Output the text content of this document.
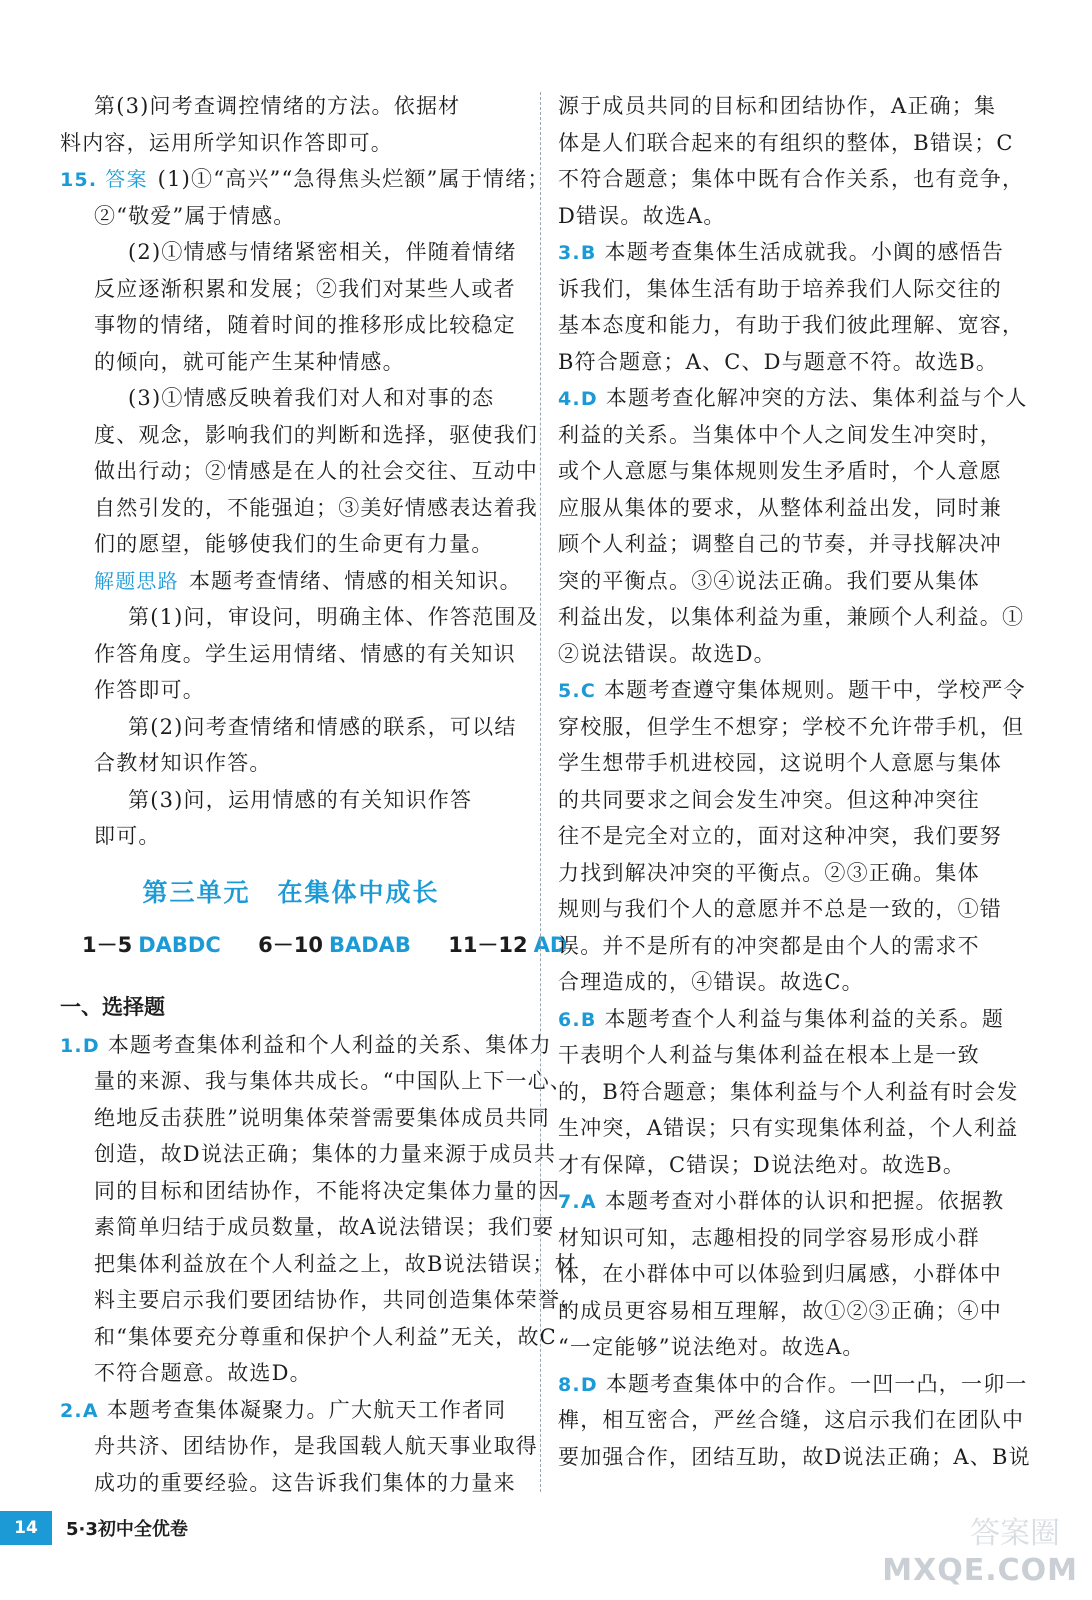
第(3)问考查调控情绪的方法。依据材
料内容，运用所学知识作答即可。
15. 答案 (1)①“高兴”“急得焦头烂额”属于情绪；
②“敬爱”属于情感。
(2)①情感与情绪紧密相关，伴随着情绪
反应逐渐积累和发展；②我们对某些人或者
事物的情绪，随着时间的推移形成比较稳定
的倾向，就可能产生某种情感。
(3)①情感反映着我们对人和对事的态
度、观念，影响我们的判断和选择，驱使我们
做出行动；②情感是在人的社会交往、互动中
自然引发的，不能强迫；③美好情感表达着我
们的愿望，能够使我们的生命更有力量。
解题思路 本题考查情绪、情感的相关知识。
第(1)问，审设问，明确主体、作答范围及
作答角度。学生运用情绪、情感的有关知识
作答即可。
第(2)问考查情绪和情感的联系，可以结
合教材知识作答。
第(3)问，运用情感的有关知识作答
即可。
第三单元　在集体中成长
1－5 DABDC 6－10 BADAB 11－12 AD
一、选择题
1.D 本题考查集体利益和个人利益的关系、集体力
量的来源、我与集体共成长。“中国队上下一心、
绝地反击获胜”说明集体荣誉需要集体成员共同
创造，故D说法正确；集体的力量来源于成员共
同的目标和团结协作，不能将决定集体力量的因
素简单归结于成员数量，故A说法错误；我们要
把集体利益放在个人利益之上，故B说法错误；材
料主要启示我们要团结协作，共同创造集体荣誉，
和“集体要充分尊重和保护个人利益”无关，故C
不符合题意。故选D。
2.A 本题考查集体凝聚力。广大航天工作者同
舟共济、团结协作，是我国载人航天事业取得
成功的重要经验。这告诉我们集体的力量来
源于成员共同的目标和团结协作，A正确；集
体是人们联合起来的有组织的整体，B错误；C
不符合题意；集体中既有合作关系，也有竞争，
D错误。故选A。
3.B 本题考查集体生活成就我。小阗的感悟告
诉我们，集体生活有助于培养我们人际交往的
基本态度和能力，有助于我们彼此理解、宽容，
B符合题意；A、C、D与题意不符。故选B。
4.D 本题考查化解冲突的方法、集体利益与个人
利益的关系。当集体中个人之间发生冲突时，
或个人意愿与集体规则发生矛盾时，个人意愿
应服从集体的要求，从整体利益出发，同时兼
顾个人利益；调整自己的节奏，并寻找解决冲
突的平衡点。③④说法正确。我们要从集体
利益出发，以集体利益为重，兼顾个人利益。①
②说法错误。故选D。
5.C 本题考查遵守集体规则。题干中，学校严令
穿校服，但学生不想穿；学校不允许带手机，但
学生想带手机进校园，这说明个人意愿与集体
的共同要求之间会发生冲突。但这种冲突往
往不是完全对立的，面对这种冲突，我们要努
力找到解决冲突的平衡点。②③正确。集体
规则与我们个人的意愿并不总是一致的，①错
误。并不是所有的冲突都是由个人的需求不
合理造成的，④错误。故选C。
6.B 本题考查个人利益与集体利益的关系。题
干表明个人利益与集体利益在根本上是一致
的，B符合题意；集体利益与个人利益有时会发
生冲突，A错误；只有实现集体利益，个人利益
才有保障，C错误；D说法绝对。故选B。
7.A 本题考查对小群体的认识和把握。依据教
材知识可知，志趣相投的同学容易形成小群
体，在小群体中可以体验到归属感，小群体中
的成员更容易相互理解，故①②③正确；④中
“一定能够”说法绝对。故选A。
8.D 本题考查集体中的合作。一凹一凸，一卯一
榫，相互密合，严丝合缝，这启示我们在团队中
要加强合作，团结互助，故D说法正确；A、B说
14	5·3初中全优卷	答案圈
MXQE.COM
